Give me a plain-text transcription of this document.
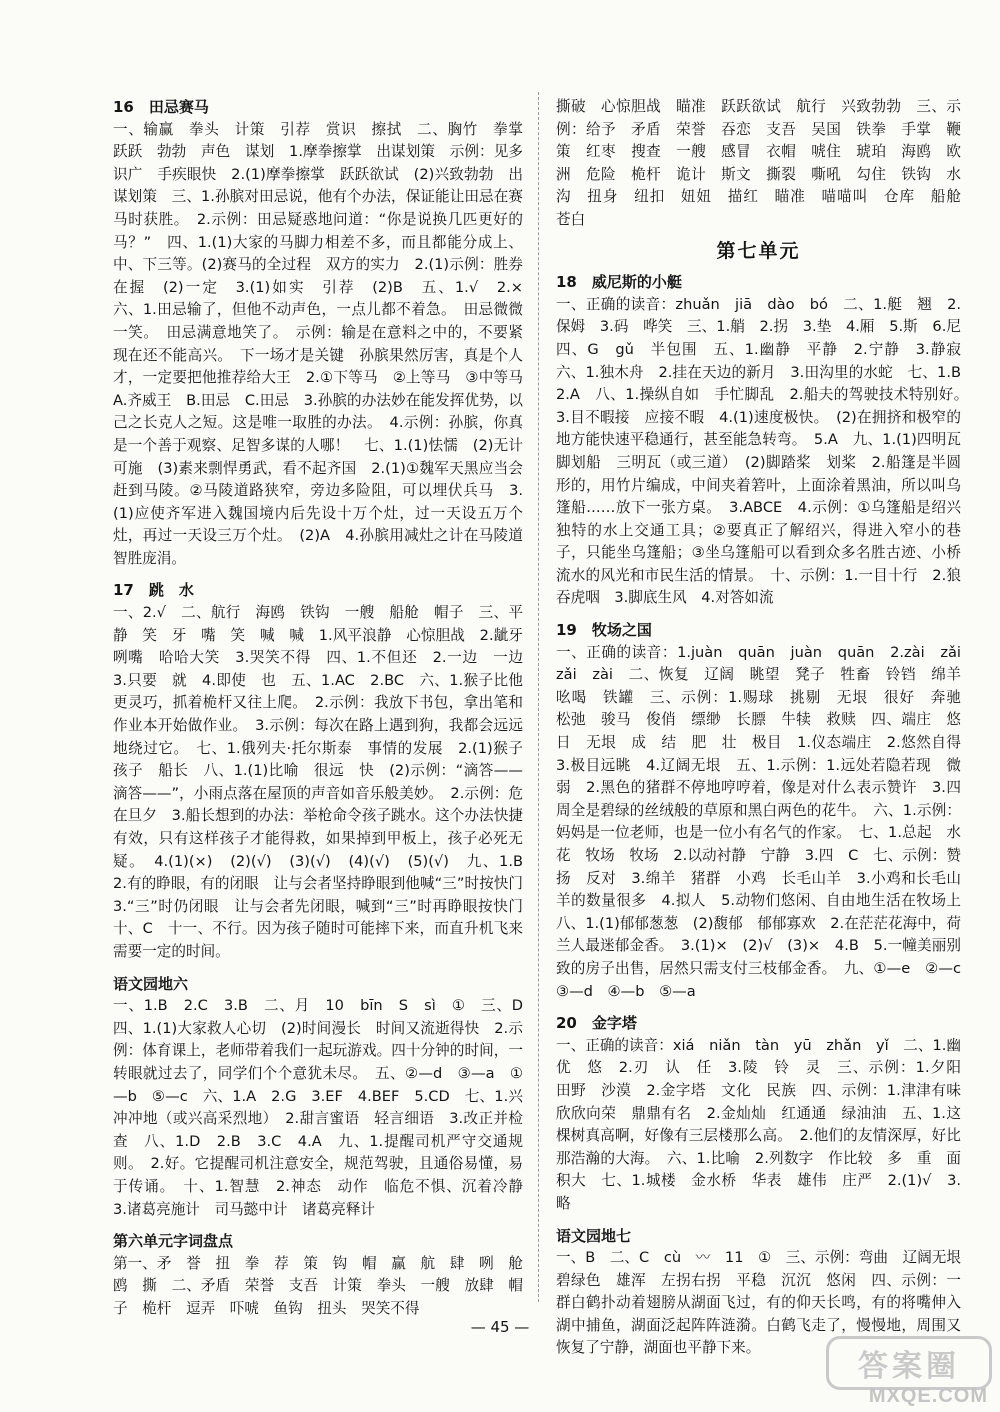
16　田忌赛马

一、输赢　拳头　计策　引荐　赏识　擦拭　二、胸竹　拳掌　跃跃　勃勃　声色　谋划　1.摩拳擦掌　出谋划策　示例：见多识广　手疾眼快　2.(1)摩拳擦掌　跃跃欲试　(2)兴致勃勃　出谋划策　三、1.孙膑对田忌说，他有个办法，保证能让田忌在赛马时获胜。　2.示例：田忌疑惑地问道：“你是说换几匹更好的马？”　四、1.(1)大家的马脚力相差不多，而且都能分成上、中、下三等。(2)赛马的全过程　双方的实力　2.(1)示例：胜券在握　(2)一定　3.(1)如实　引荐　(2)B　五、1.√　2.×　六、1.田忌输了，但他不动声色，一点儿都不着急。　田忌微微一笑。　田忌满意地笑了。　示例：输是在意料之中的，不要紧　现在还不能高兴。　下一场才是关键　孙膑果然厉害，真是个人才，一定要把他推荐给大王　2.①下等马　②上等马　③中等马　A.齐威王　B.田忌　C.田忌　3.孙膑的办法妙在能发挥优势，以己之长克人之短。这是唯一取胜的办法。　4.示例：孙膑，你真是一个善于观察、足智多谋的人哪！　七、1.(1)怯懦　(2)无计可施　(3)素来剽悍勇武，看不起齐国　2.(1)①魏军天黑应当会赶到马陵。②马陵道路狭窄，旁边多险阻，可以埋伏兵马　3.(1)应使齐军进入魏国境内后先设十万个灶，过一天设五万个灶，再过一天设三万个灶。　(2)A　4.孙膑用减灶之计在马陵道智胜庞涓。

17　跳　水

一、2.√　二、航行　海鸥　铁钩　一艘　船舱　帽子　三、平静　笑　牙　嘴　笑　喊　喊　1.风平浪静　心惊胆战　2.龇牙咧嘴　哈哈大笑　3.哭笑不得　四、1.不但还　2.一边　一边　3.只要　就　4.即使　也　五、1.AC　2.BC　六、1.猴子比他更灵巧，抓着桅杆又往上爬。　2.示例：我放下书包，拿出笔和作业本开始做作业。　3.示例：每次在路上遇到狗，我都会远远地绕过它。　七、1.俄列夫·托尔斯泰　事情的发展　2.(1)猴子　孩子　船长　八、1.(1)比喻　很远　快　(2)示例：“滴答——滴答——”，小雨点落在屋顶的声音如音乐般美妙。　2.示例：危在旦夕　3.船长想到的办法：举枪命令孩子跳水。这个办法快捷有效，只有这样孩子才能得救，如果掉到甲板上，孩子必死无疑。　4.(1)(×)　(2)(√)　(3)(√)　(4)(√)　(5)(√)　九、1.B　2.有的睁眼，有的闭眼　让与会者坚持睁眼到他喊“三”时按快门　3.“三”时仍闭眼　让与会者先闭眼，喊到“三”时再睁眼按快门　十、C　十一、不行。因为孩子随时可能摔下来，而直升机飞来需要一定的时间。

语文园地六

一、1.B　2.C　3.B　二、月　10　bīn　S　sì　①　三、D　四、1.(1)大家救人心切　(2)时间漫长　时间又流逝得快　2.示例：体育课上，老师带着我们一起玩游戏。四十分钟的时间，一转眼就过去了，同学们个个意犹未尽。　五、②—d　③—a　①—b　⑤—c　六、1.A　2.G　3.EF　4.BEF　5.CD　七、1.兴冲冲地（或兴高采烈地）　2.甜言蜜语　轻言细语　3.改正并检查　八、1.D　2.B　3.C　4.A　九、1.提醒司机严守交通规则。　2.好。它提醒司机注意安全，规范驾驶，且通俗易懂，易于传诵。　十、1.智慧　2.神态　动作　临危不惧、沉着冷静　3.诸葛亮施计　司马懿中计　诸葛亮释计

第六单元字词盘点

第一、矛　誉　扭　拳　荐　策　钩　帽　赢　航　肆　咧　舱　鸥　撕　二、矛盾　荣誉　支吾　计策　拳头　一艘　放肆　帽子　桅杆　逗弄　吓唬　鱼钩　扭头　哭笑不得

撕破　心惊胆战　瞄准　跃跃欲试　航行　兴致勃勃　三、示例：给予　矛盾　荣誉　吞恋　支吾　吴国　铁拳　手掌　鞭策　红枣　搜查　一艘　感冒　衣帽　唬住　琥珀　海鸥　欧洲　危险　桅杆　诡计　斯文　撕裂　嘶吼　勾住　铁钩　水沟　扭身　纽扣　妞妞　描红　瞄准　喵喵叫　仓库　船舱　苍白

第七单元

18　威尼斯的小艇

一、正确的读音：zhuǎn　jiā　dào　bó　二、1.艇　翘　2.保姆　3.码　哗笑　三、1.艄　2.拐　3.垫　4.厢　5.斯　6.尼　四、G　gǔ　半包围　五、1.幽静　平静　2.宁静　3.静寂　六、1.独木舟　2.挂在天边的新月　3.田沟里的水蛇　七、1.B　2.A　八、1.操纵自如　手忙脚乱　2.船夫的驾驶技术特别好。　3.目不暇接　应接不暇　4.(1)速度极快。　(2)在拥挤和极窄的地方能快速平稳通行，甚至能急转弯。　5.A　九、1.(1)四明瓦　脚划船　三明瓦（或三道）　(2)脚踏桨　划桨　2.船篷是半圆形的，用竹片编成，中间夹着箬叶，上面涂着黑油，所以叫乌篷船……放下一张方桌。　3.ABCE　4.示例：①乌篷船是绍兴独特的水上交通工具；②要真正了解绍兴，得进入窄小的巷子，只能坐乌篷船；③坐乌篷船可以看到众多名胜古迹、小桥流水的风光和市民生活的情景。　十、示例：1.一目十行　2.狼吞虎咽　3.脚底生风　4.对答如流

19　牧场之国

一、正确的读音：1.juàn　quān　juàn　quān　2.zài　zǎi　zǎi　zài　二、恢复　辽阔　眺望　凳子　牲畜　铃铛　绵羊　吆喝　铁罐　三、示例：1.赐球　挑剔　无垠　很好　奔驰　松弛　骏马　俊俏　缥缈　长膘　牛犊　救赎　四、端庄　悠　日　无垠　成　结　肥　壮　极目　1.仪态端庄　2.悠然自得　3.极目远眺　4.辽阔无垠　五、1.示例：1.远处若隐若现　微弱　2.黑色的猪群不停地哼哼着，像是对什么表示赞许　3.四周全是碧绿的丝绒般的草原和黑白两色的花牛。　六、1.示例：妈妈是一位老师，也是一位小有名气的作家。　七、1.总起　水　花　牧场　牧场　2.以动衬静　宁静　3.四　C　七、示例：赞扬　反对　3.绵羊　猪群　小鸡　长毛山羊　3.小鸡和长毛山羊的数量很多　4.拟人　5.动物们悠闲、自由地生活在牧场上　八、1.(1)郁郁葱葱　(2)馥郁　郁郁寡欢　2.在茫茫花海中，荷兰人最迷郁金香。　3.(1)×　(2)√　(3)×　4.B　5.一幢美丽别致的房子出售，居然只需支付三枝郁金香。　九、①—e　②—c　③—d　④—b　⑤—a

20　金字塔

一、正确的读音：xiá　niǎn　tàn　yū　zhǎn　yǐ　二、1.幽　优　悠　2.刃　认　任　3.陵　铃　灵　三、示例：1.夕阳　田野　沙漠　2.金字塔　文化　民族　四、示例：1.津津有味　欣欣向荣　鼎鼎有名　2.金灿灿　红通通　绿油油　五、1.这棵树真高啊，好像有三层楼那么高。　2.他们的友情深厚，好比那浩瀚的大海。　六、1.比喻　2.列数字　作比较　多　重　面积大　七、1.城楼　金水桥　华表　雄伟　庄严　2.(1)√　3.略

语文园地七

一、B　二、C　cù　〰　11　①　三、示例：弯曲　辽阔无垠　碧绿色　雄浑　左拐右拐　平稳　沉沉　悠闲　四、示例：一群白鹤扑动着翅膀从湖面飞过，有的仰天长鸣，有的将嘴伸入湖中捕鱼，湖面泛起阵阵涟漪。白鹤飞走了，慢慢地，周围又恢复了宁静，湖面也平静下来。

— 45 —
答案圈
MXQE.COM
